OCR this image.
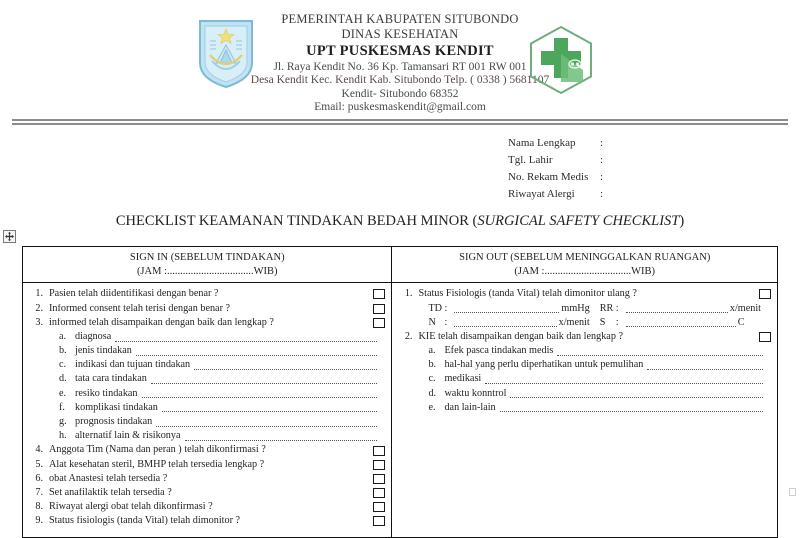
PEMERINTAH KABUPATEN SITUBONDO
DINAS KESEHATAN
UPT PUSKESMAS KENDIT
Jl. Raya Kendit No. 36 Kp. Tamansari RT 001 RW 001
Desa Kendit Kec. Kendit Kab. Situbondo Telp. ( 0338 ) 5681107
Kendit- Situbondo 68352
Email: puskesmaskendit@gmail.com
Nama Lengkap	:
Tgl. Lahir	:
No. Rekam Medis	:
Riwayat Alergi	:
CHECKLIST KEAMANAN TINDAKAN BEDAH MINOR (SURGICAL SAFETY CHECKLIST)
SIGN IN (SEBELUM TINDAKAN)
(JAM :.................................WIB)
1. Pasien telah diidentifikasi dengan benar ?
2. Informed consent telah terisi dengan benar ?
3. informed telah disampaikan dengan baik dan lengkap ?
a. diagnosa
b. jenis tindakan
c. indikasi dan tujuan tindakan
d. tata cara tindakan
e. resiko tindakan
f. komplikasi tindakan
g. prognosis tindakan
h. alternatif lain & risikonya
4. Anggota Tim (Nama dan peran ) telah dikonfirmasi ?
5. Alat kesehatan steril, BMHP telah tersedia lengkap ?
6. obat Anastesi telah tersedia ?
7. Set anafilaktik telah tersedia ?
8. Riwayat alergi obat telah dikonfirmasi ?
9. Status fisiologis (tanda Vital) telah dimonitor ?
SIGN OUT (SEBELUM MENINGGALKAN RUANGAN)
(JAM :.................................WIB)
1. Status Fisiologis (tanda Vital) telah dimonitor ulang ?
TD :	mmHg RR :	x/menit
N :	x/menit S	:	C
2. KIE telah disampaikan dengan baik dan lengkap ?
a. Efek pasca tindakan medis
b. hal-hal yang perlu diperhatikan untuk pemulihan
c. medikasi
d. waktu konntrol
e. dan lain-lain
